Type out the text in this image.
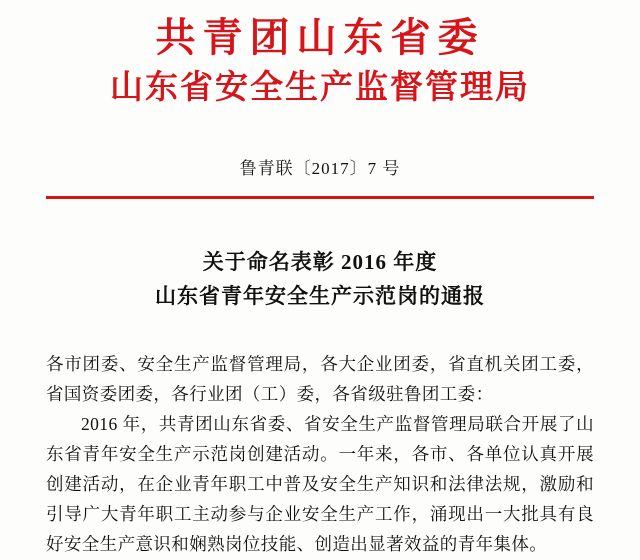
共青团山东省委
山东省安全生产监督管理局
鲁青联〔2017〕7 号
关于命名表彰 2016 年度
山东省青年安全生产示范岗的通报

各市团委、安全生产监督管理局，各大企业团委，省直机关团工委，省国资委团委，各行业团（工）委，各省级驻鲁团工委：

2016 年，共青团山东省委、省安全生产监督管理局联合开展了山东省青年安全生产示范岗创建活动。一年来，各市、各单位认真开展创建活动，在企业青年职工中普及安全生产知识和法律法规，激励和引导广大青年职工主动参与企业安全生产工作，涌现出一大批具有良好安全生产意识和娴熟岗位技能、创造出显著效益的青年集体。
